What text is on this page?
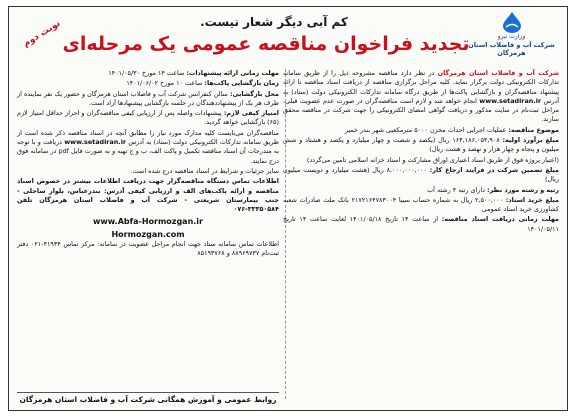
وزارت نیرو
شرکت آب و فاضلاب استان هرمزگان
کم آبی دیگر شعار نیست.
تجدید فراخوان مناقصه عمومی یک مرحله‌ای
نوبت دوم

شرکت آب و فاضلاب استان هرمزگان در نظر دارد مناقصه مشروحه ذیل را از طریق سامانه تدارکات الکترونیکی دولت برگزار نماید. کلیه مراحل برگزاری مناقصه از دریافت اسناد مناقصه تا ارائه پیشنهاد مناقصه‌گران و بازگشایی پاکت‌ها از طریق درگاه سامانه تدارکات الکترونیکی دولت (ستاد) به آدرس www.setadiran.ir انجام خواهد شد و لازم است مناقصه‌گران در صورت عدم عضویت قبلی، مراحل ثبت‌نام در سایت مذکور و دریافت گواهی امضای الکترونیکی را جهت شرکت در مناقصه محقق سازند.

موضوع مناقصه: عملیات اجرایی احداث مخزن ۵۰۰۰ مترمکعبی شهر بندر خمیر

مبلغ برآورد اولیه: ۱۶۴,۱۸۶,۰۵۴,۹۰۸ ریال (یکصد و شصت و چهار میلیارد و یکصد و هشتاد و شش میلیون و پنجاه و چهار هزار و نهصد و هشت ریال)

(اعتبار پروژه فوق از طریق اسناد اعتباری اوراق مشارکت و اسناد خزانه اسلامی تامین می‌گردد)

مبلغ تضمین شرکت در فرایند ارجاع کار: ۸,۰۰۰,۰۰۰,۰۰۰ ریال (هشت میلیارد و دویست میلیون ریال)

رتبه و رشته مورد نظر: دارای رتبه ۴ رشته آب

مبلغ خرید اسناد: ۲,۵۰۰,۰۰۰ ریال به شماره حساب سیبا ۲۱۷۲۱۶۴۷۸۳۰۰۴ بانک ملت صادرات شعبه کشاورزی خرید اسناد عمومی

مهلت زمانی دریافت اسناد مناقصه: از ساعت ۱۴ تاریخ ۱۴۰۱/۰۵/۱۸ لغایت ساعت ۱۴ تاریخ ۱۴۰۱/۰۵/۱۱

مهلت زمانی ارائه پیشنهادات: ساعت ۱۴ مورخ ۱۴۰۱/۰۵/۳۰

زمان بازگشایی پاکت‌ها: ساعت ۱۰ مورخ ۱۴۰۱/۰۶/۰۲

محل بازگشایی: سالن کنفرانس شرکت آب و فاضلاب استان هرمزگان و حضور یک نفر نماینده از طرف هر یک از پیشنهاددهندگان در جلسه بازگشایی پیشنهادها آزاد است.

امتیاز کیفی لازم: پیشنهادات واصله پس از ارزیابی کیفی مناقصه‌گران و احراز حداقل امتیاز لازم (۶۵) بازگشایی خواهد گردید.

مناقصه‌گران می‌بایست کلیه مدارک مورد نیاز را مطابق آنچه در اسناد مناقصه ذکر شده است از طریق سامانه تدارکات الکترونیکی دولت (ستاد) به آدرس www.setadiran.ir دریافت و با توجه به مندرجات آن اسناد مناقصه تکمیل و پاکت الف، ب و ج تهیه و به صورت فایل pdf در سامانه فوق درج نمایند.

سایر جزئیات و شرایط در اسناد مناقصه درج شده است.

اطلاعات تماس دستگاه مناقصه‌گزار جهت دریافت اطلاعات بیشتر در خصوص اسناد مناقصه و ارائه پاکت‌های الف و ارزیابی کیفی آدرس: بندرعباس، بلوار ساحلی - جنب بیمارستان شریعتی - شرکت آب و فاضلاب استان هرمزگان تلفن ۳۳۳۵۰۵۸۴-۰۷۶

www.Abfa-Hormozgan.ir
Hormozgan.com

اطلاعات تماس سامانه ستاد جهت انجام مراحل عضویت در سامانه: مرکز تماس ۴۱۹۳۴-۰۲۱ دفتر ثبت‌نام ۸۸۹۶۹۷۳۷ و ۸۵۱۹۳۷۶۸

روابط عمومی و آموزش همگانی شرکت آب و فاضلاب استان هرمزگان
